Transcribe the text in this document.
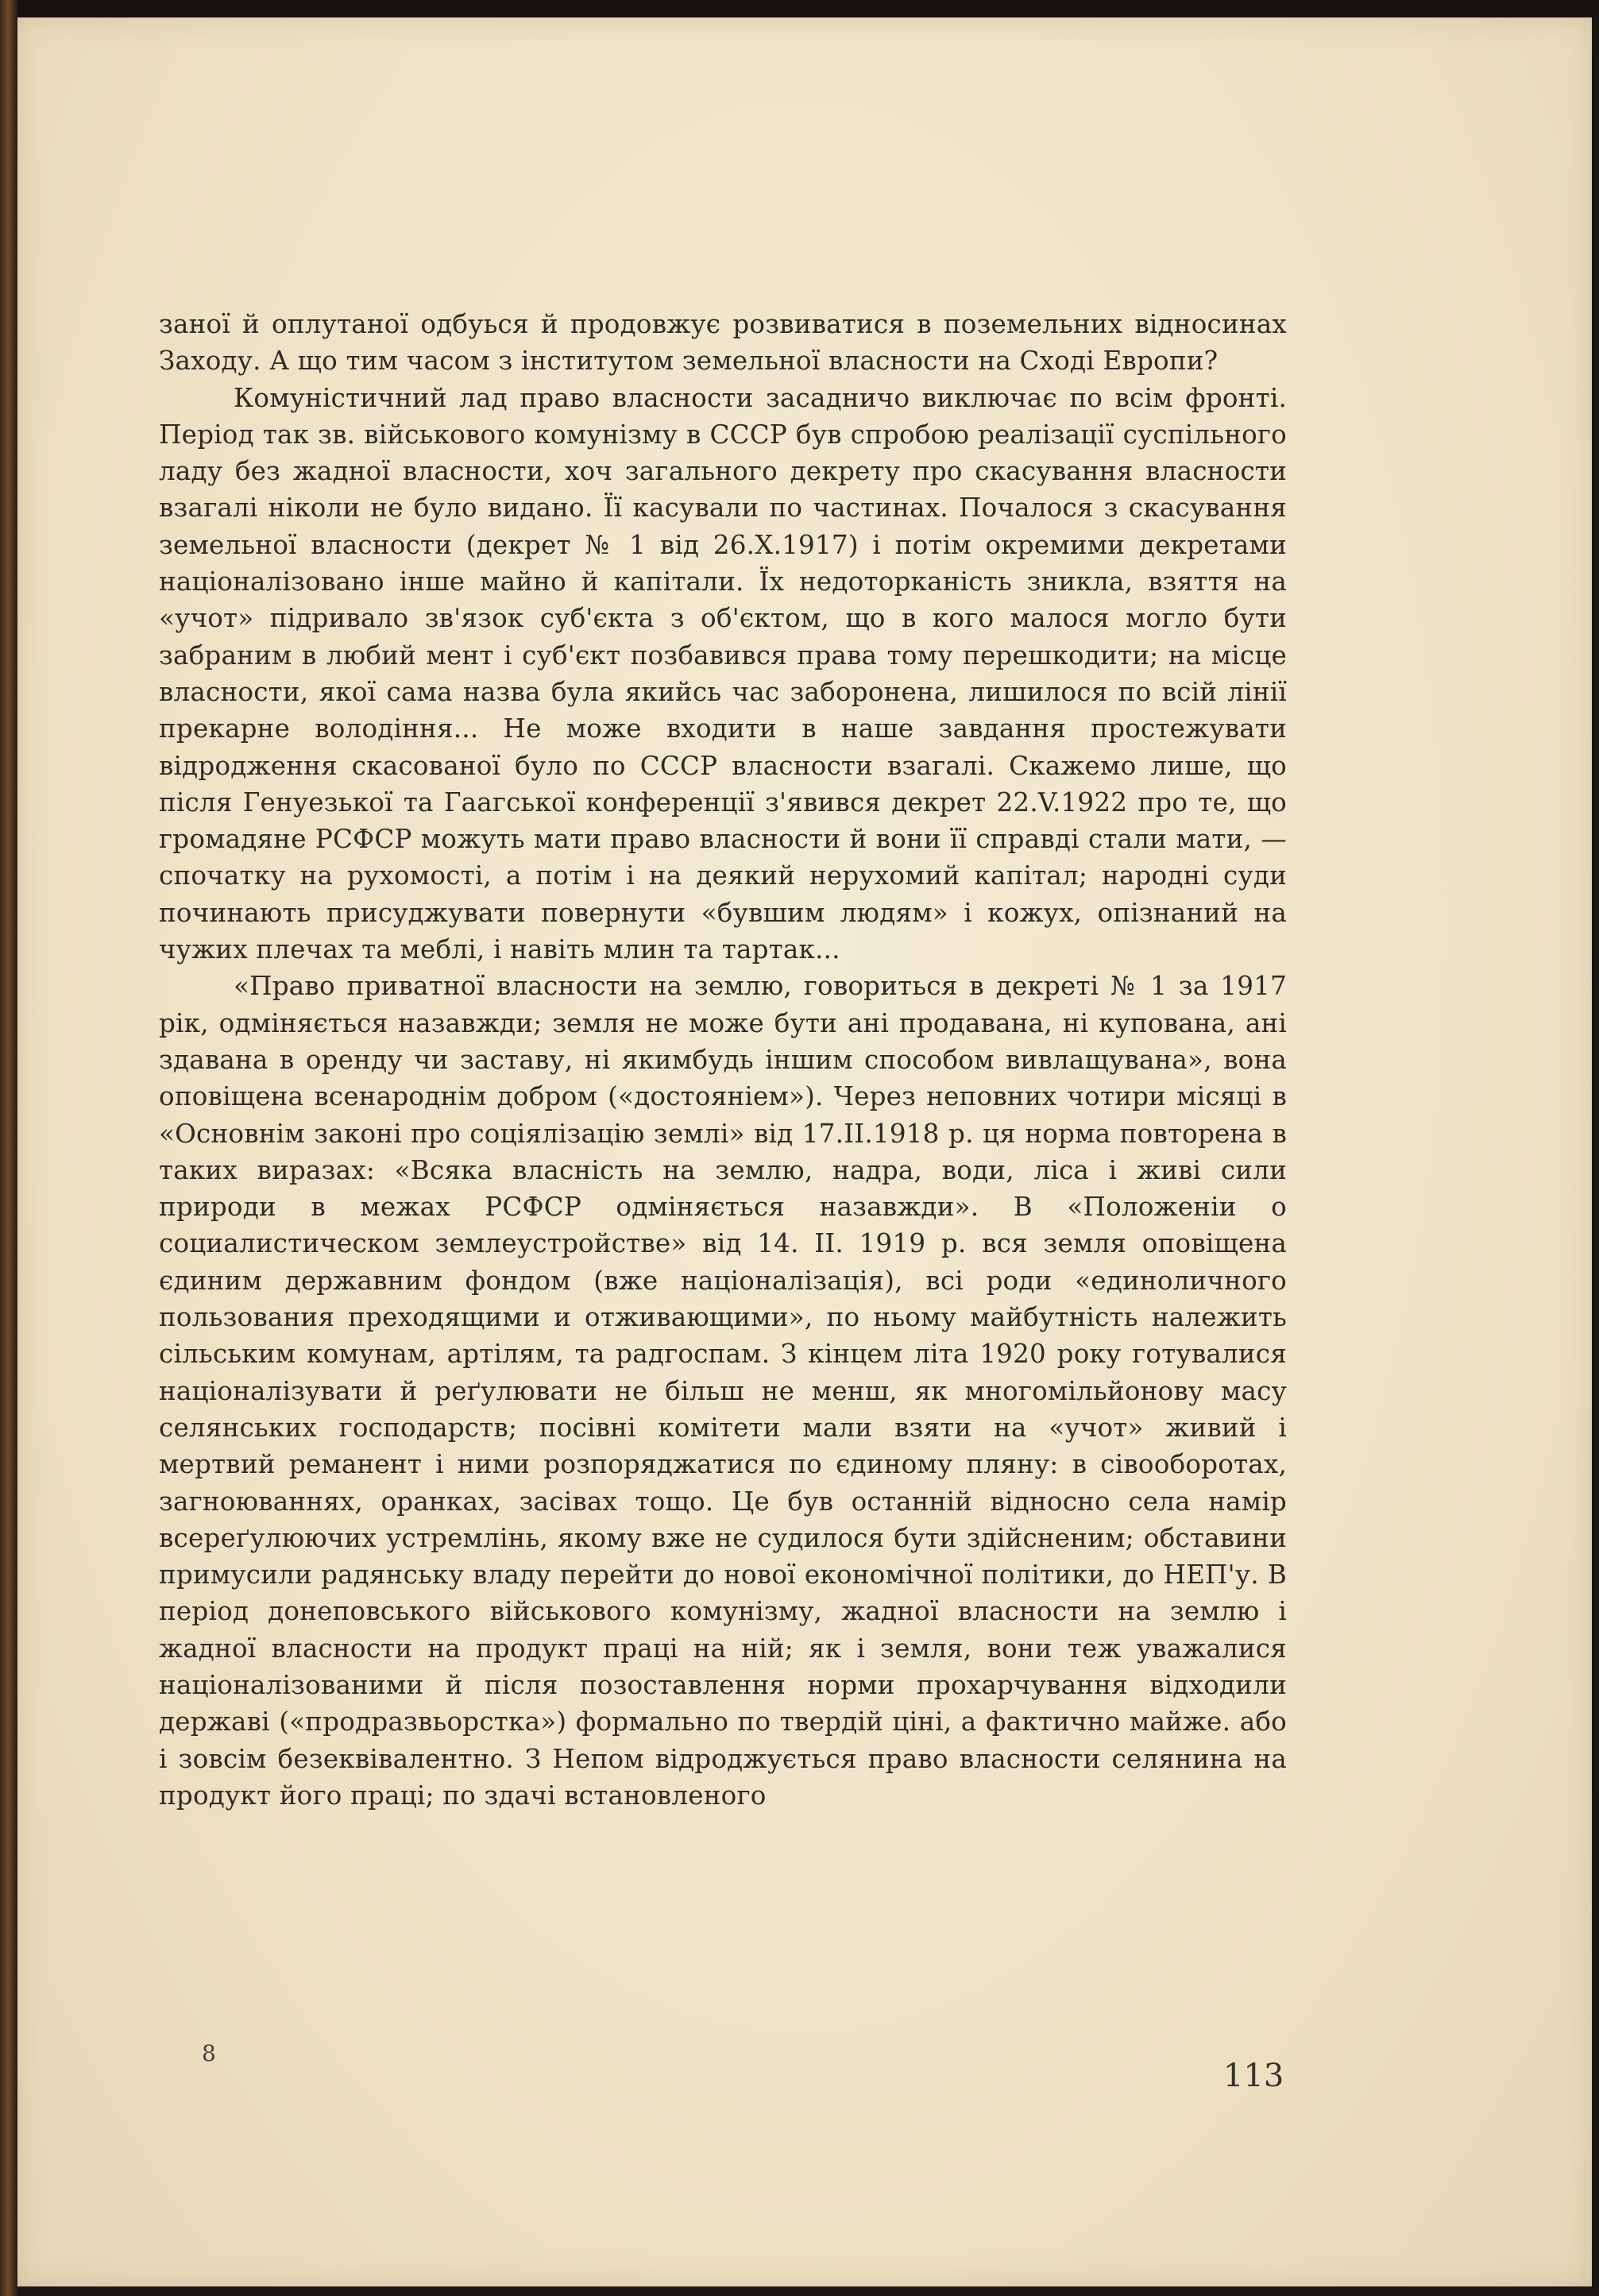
заної й оплутаної одбуься й продовжує розвиватися в поземельних відносинах Заходу. А що тим часом з інститутом земельної власности на Сході Европи?

Комуністичний лад право власности засадничо виключає по всім фронті. Період так зв. військового комунізму в СССР був спробою реалізації суспільного ладу без жадної власности, хоч загального декрету про скасування власности взагалі ніколи не було видано. Її касували по частинах. Почалося з скасування земельної власности (декрет № 1 від 26.X.1917) і потім окремими декретами націоналізовано інше майно й капітали. Їх недоторканість зникла, взяття на «учот» підривало зв'язок суб'єкта з об'єктом, що в кого малося могло бути забраним в любий мент і суб'єкт позбавився права тому перешкодити; на місце власности, якої сама назва була якийсь час заборонена, лишилося по всій лінії прекарне володіння... Не може входити в наше завдання простежувати відродження скасованої було по СССР власности взагалі. Скажемо лише, що після Генуезької та Гаагської конференції з'явився декрет 22.V.1922 про те, що громадяне РСФСР можуть мати право власности й вони її справді стали мати, — спочатку на рухомості, а потім і на деякий нерухомий капітал; народні суди починають присуджувати повернути «бувшим людям» і кожух, опізнаний на чужих плечах та меблі, і навіть млин та тартак...

«Право приватної власности на землю, говориться в декреті № 1 за 1917 рік, одміняється назавжди; земля не може бути ані продавана, ні купована, ані здавана в оренду чи заставу, ні якимбудь іншим способом вивлащувана», вона оповіщена всенароднім добром («достояніем»). Через неповних чотири місяці в «Основнім законі про соціялізацію землі» від 17.II.1918 р. ця норма повторена в таких виразах: «Всяка власність на землю, надра, води, ліса і живі сили природи в межах РСФСР одміняється назавжди». В «Положеніи о социалистическом землеустройстве» від 14. II. 1919 р. вся земля оповіщена єдиним державним фондом (вже націоналізація), всі роди «единоличного пользования преходящими и отживающими», по ньому майбутність належить сільським комунам, артілям, та радгоспам. З кінцем літа 1920 року готувалися націоналізувати й реґулювати не більш не менш, як многомільйонову масу селянських господарств; посівні комітети мали взяти на «учот» живий і мертвий реманент і ними розпоряджатися по єдиному пляну: в сівооборотах, загноюваннях, оранках, засівах тощо. Це був останній відносно села намір всереґулюючих устремлінь, якому вже не судилося бути здійсненим; обставини примусили радянську владу перейти до нової економічної політики, до НЕП'у. В період донеповського військового комунізму, жадної власности на землю і жадної власности на продукт праці на ній; як і земля, вони теж уважалися націоналізованими й після позоставлення норми прохарчування відходили державі («продразвьорстка») формально по твердій ціні, а фактично майже. або і зовсім безеквівалентно. З Непом відроджується право власности селянина на продукт його праці; по здачі встановленого

8
113
